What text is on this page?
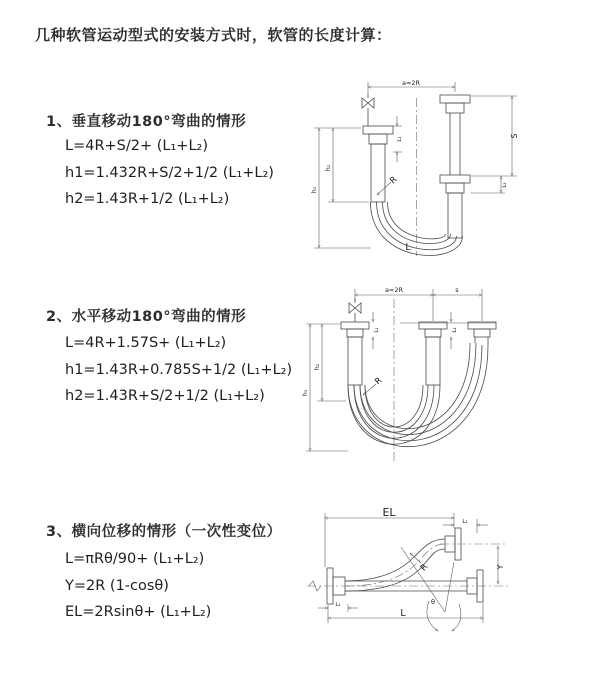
几种软管运动型式的安装方式时，软管的长度计算：
1、垂直移动180°弯曲的情形
L=4R+S/2+ (L₁+L₂)
h1=1.432R+S/2+1/2 (L₁+L₂)
h2=1.43R+1/2 (L₁+L₂)
2、水平移动180°弯曲的情形
L=4R+1.57S+ (L₁+L₂)
h1=1.43R+0.785S+1/2 (L₁+L₂)
h2=1.43R+S/2+1/2 (L₁+L₂)
3、横向位移的情形（一次性变位）
L=πRθ/90+ (L₁+L₂)
Y=2R (1-cosθ)
EL=2Rsinθ+ (L₁+L₂)
a=2R
h₁
h₂
L₁
S
L₂
R
L
a=2R	s
h₁
h₂
L₁	L₂
R
EL
L₂
Y
R
θ
L₁
L
